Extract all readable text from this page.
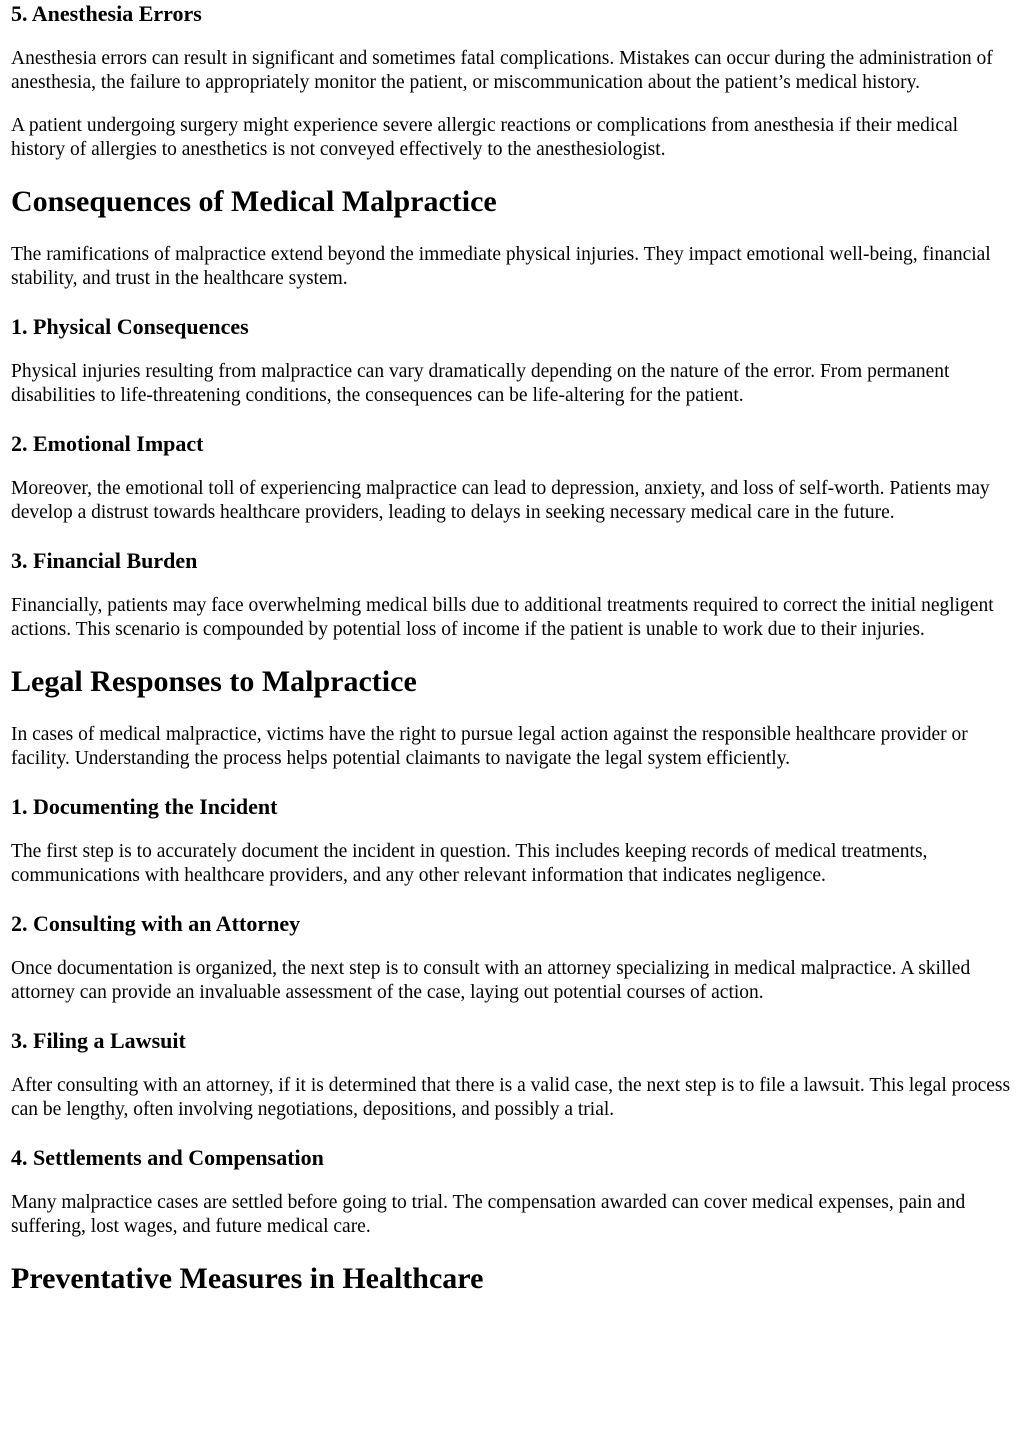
5. Anesthesia Errors

Anesthesia errors can result in significant and sometimes fatal complications. Mistakes can occur during the administration of anesthesia, the failure to appropriately monitor the patient, or miscommunication about the patient’s medical history.

A patient undergoing surgery might experience severe allergic reactions or complications from anesthesia if their medical history of allergies to anesthetics is not conveyed effectively to the anesthesiologist.

Consequences of Medical Malpractice

The ramifications of malpractice extend beyond the immediate physical injuries. They impact emotional well-being, financial stability, and trust in the healthcare system.

1. Physical Consequences

Physical injuries resulting from malpractice can vary dramatically depending on the nature of the error. From permanent disabilities to life-threatening conditions, the consequences can be life-altering for the patient.

2. Emotional Impact

Moreover, the emotional toll of experiencing malpractice can lead to depression, anxiety, and loss of self-worth. Patients may develop a distrust towards healthcare providers, leading to delays in seeking necessary medical care in the future.

3. Financial Burden

Financially, patients may face overwhelming medical bills due to additional treatments required to correct the initial negligent actions. This scenario is compounded by potential loss of income if the patient is unable to work due to their injuries.

Legal Responses to Malpractice

In cases of medical malpractice, victims have the right to pursue legal action against the responsible healthcare provider or facility. Understanding the process helps potential claimants to navigate the legal system efficiently.

1. Documenting the Incident

The first step is to accurately document the incident in question. This includes keeping records of medical treatments, communications with healthcare providers, and any other relevant information that indicates negligence.

2. Consulting with an Attorney

Once documentation is organized, the next step is to consult with an attorney specializing in medical malpractice. A skilled attorney can provide an invaluable assessment of the case, laying out potential courses of action.

3. Filing a Lawsuit

After consulting with an attorney, if it is determined that there is a valid case, the next step is to file a lawsuit. This legal process can be lengthy, often involving negotiations, depositions, and possibly a trial.

4. Settlements and Compensation

Many malpractice cases are settled before going to trial. The compensation awarded can cover medical expenses, pain and suffering, lost wages, and future medical care.

Preventative Measures in Healthcare
